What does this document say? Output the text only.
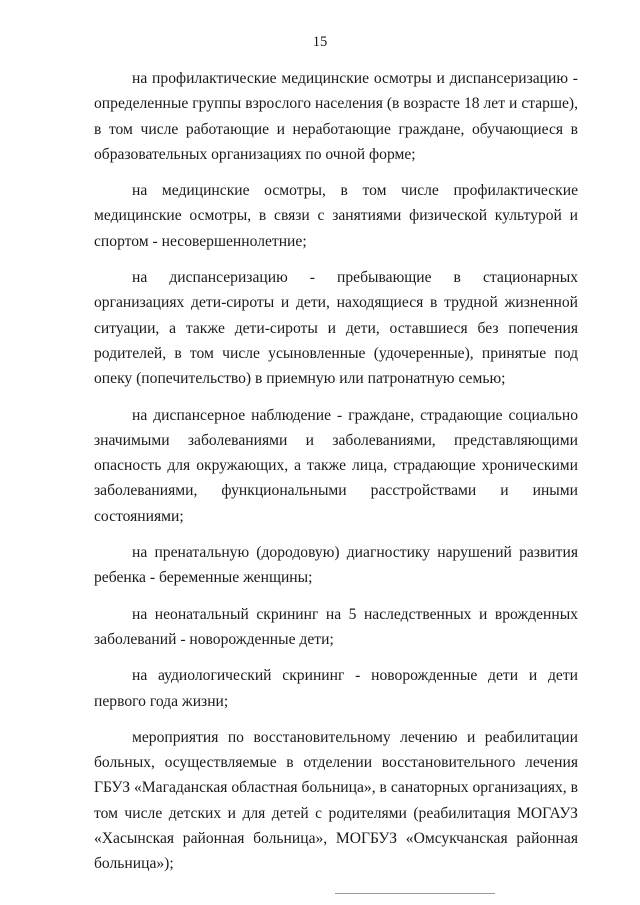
15

на профилактические медицинские осмотры и диспансеризацию - определенные группы взрослого населения (в возрасте 18 лет и старше), в том числе работающие и неработающие граждане, обучающиеся в образовательных организациях по очной форме;

на медицинские осмотры, в том числе профилактические медицинские осмотры, в связи с занятиями физической культурой и спортом - несовершеннолетние;

на диспансеризацию - пребывающие в стационарных организациях дети-сироты и дети, находящиеся в трудной жизненной ситуации, а также дети-сироты и дети, оставшиеся без попечения родителей, в том числе усыновленные (удочеренные), принятые под опеку (попечительство) в приемную или патронатную семью;

на диспансерное наблюдение - граждане, страдающие социально значимыми заболеваниями и заболеваниями, представляющими опасность для окружающих, а также лица, страдающие хроническими заболеваниями, функциональными расстройствами и иными состояниями;

на пренатальную (дородовую) диагностику нарушений развития ребенка - беременные женщины;

на неонатальный скрининг на 5 наследственных и врожденных заболеваний - новорожденные дети;

на аудиологический скрининг - новорожденные дети и дети первого года жизни;

мероприятия по восстановительному лечению и реабилитации больных, осуществляемые в отделении восстановительного лечения ГБУЗ «Магаданская областная больница», в санаторных организациях, в том числе детских и для детей с родителями (реабилитация МОГАУЗ «Хасынская районная больница», МОГБУЗ «Омсукчанская районная больница»);
